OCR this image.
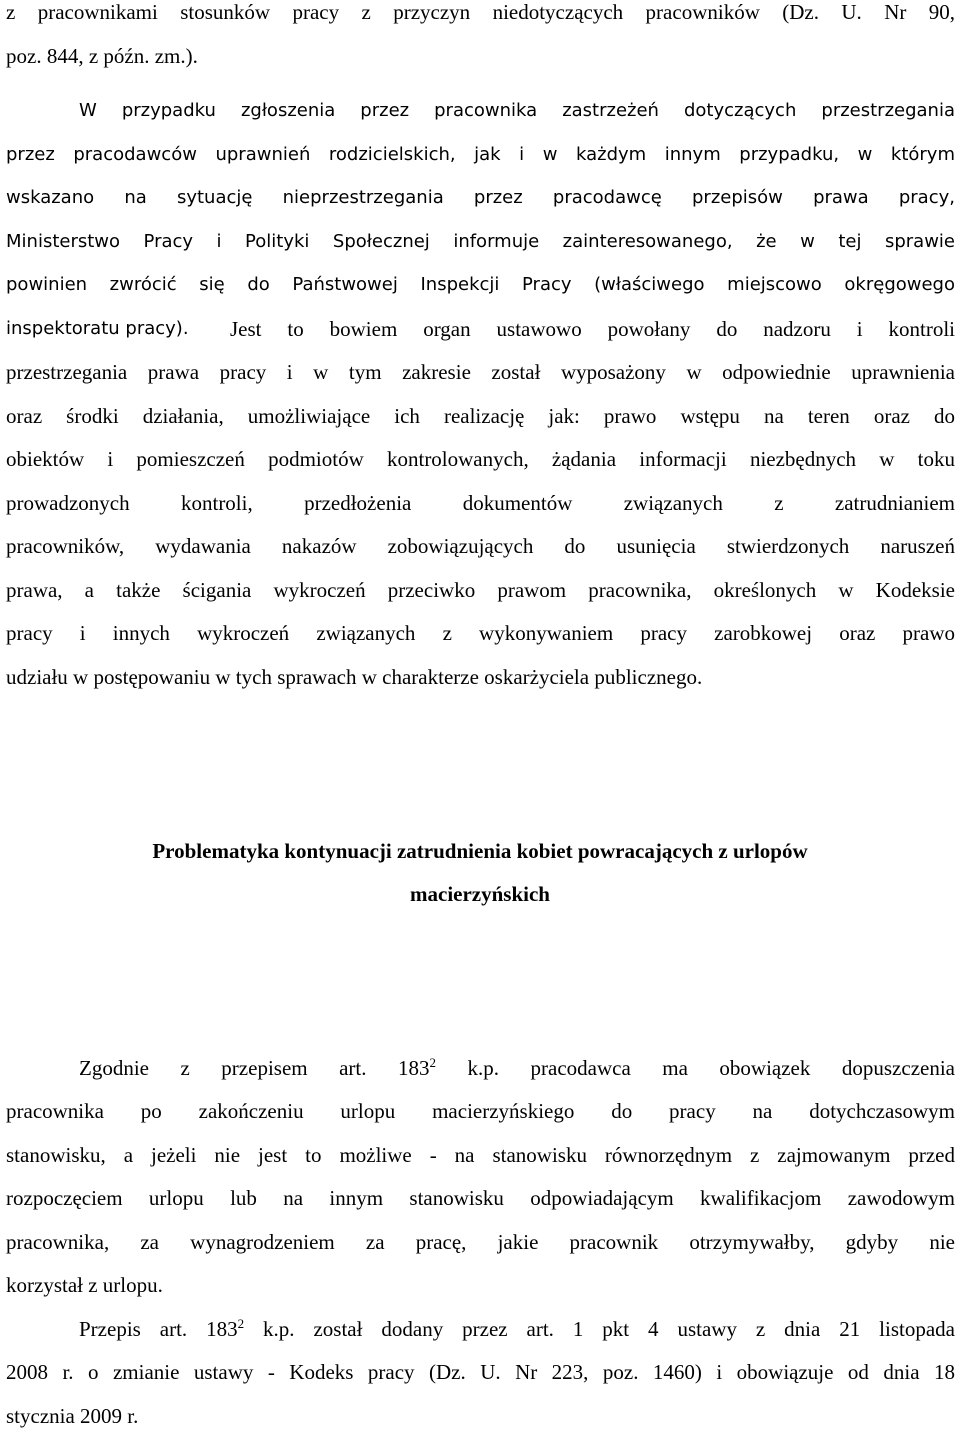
z pracownikami stosunków pracy z przyczyn niedotyczących pracowników (Dz. U. Nr 90,
poz. 844, z późn. zm.).
W przypadku zgłoszenia przez pracownika zastrzeżeń dotyczących przestrzegania
przez pracodawców uprawnień rodzicielskich, jak i w każdym innym przypadku, w którym
wskazano na sytuację nieprzestrzegania przez pracodawcę przepisów prawa pracy,
Ministerstwo Pracy i Polityki Społecznej informuje zainteresowanego, że w tej sprawie
powinien zwrócić się do Państwowej Inspekcji Pracy (właściwego miejscowo okręgowego
inspektoratu pracy). Jest to bowiem organ ustawowo powołany do nadzoru i kontroli
przestrzegania prawa pracy i w tym zakresie został wyposażony w odpowiednie uprawnienia
oraz środki działania, umożliwiające ich realizację jak: prawo wstępu na teren oraz do
obiektów i pomieszczeń podmiotów kontrolowanych, żądania informacji niezbędnych w toku
prowadzonych kontroli, przedłożenia dokumentów związanych z zatrudnianiem
pracowników, wydawania nakazów zobowiązujących do usunięcia stwierdzonych naruszeń
prawa, a także ścigania wykroczeń przeciwko prawom pracownika, określonych w Kodeksie
pracy i innych wykroczeń związanych z wykonywaniem pracy zarobkowej oraz prawo
udziału w postępowaniu w tych sprawach w charakterze oskarżyciela publicznego.
Problematyka kontynuacji zatrudnienia kobiet powracających z urlopów
macierzyńskich
Zgodnie z przepisem art. $183^2$ k.p. pracodawca ma obowiązek dopuszczenia
pracownika po zakończeniu urlopu macierzyńskiego do pracy na dotychczasowym
stanowisku, a jeżeli nie jest to możliwe - na stanowisku równorzędnym z zajmowanym przed
rozpoczęciem urlopu lub na innym stanowisku odpowiadającym kwalifikacjom zawodowym
pracownika, za wynagrodzeniem za pracę, jakie pracownik otrzymywałby, gdyby nie
korzystał z urlopu.
Przepis art. $183^2$ k.p. został dodany przez art. 1 pkt 4 ustawy z dnia 21 listopada
2008 r. o zmianie ustawy - Kodeks pracy (Dz. U. Nr 223, poz. 1460) i obowiązuje od dnia 18
stycznia 2009 r.
